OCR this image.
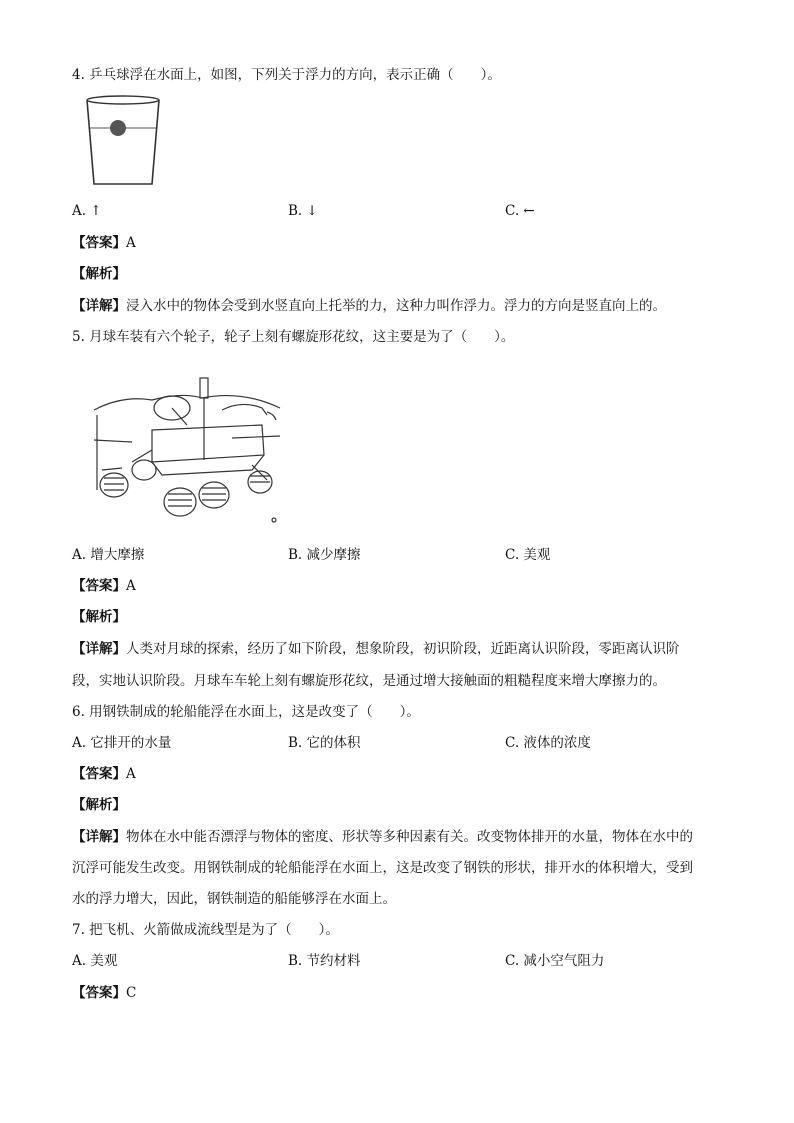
4. 乒乓球浮在水面上，如图，下列关于浮力的方向，表示正确（　　）。
A. ↑	B. ↓	C. ←
【答案】A
【解析】
【详解】浸入水中的物体会受到水竖直向上托举的力，这种力叫作浮力。浮力的方向是竖直向上的。
5. 月球车装有六个轮子，轮子上刻有螺旋形花纹，这主要是为了（　　）。
A. 增大摩擦	B. 减少摩擦	C. 美观
【答案】A
【解析】
【详解】人类对月球的探索，经历了如下阶段，想象阶段，初识阶段，近距离认识阶段，零距离认识阶
段，实地认识阶段。月球车车轮上刻有螺旋形花纹，是通过增大接触面的粗糙程度来增大摩擦力的。
6. 用钢铁制成的轮船能浮在水面上，这是改变了（　　）。
A. 它排开的水量	B. 它的体积	C. 液体的浓度
【答案】A
【解析】
【详解】物体在水中能否漂浮与物体的密度、形状等多种因素有关。改变物体排开的水量，物体在水中的
沉浮可能发生改变。用钢铁制成的轮船能浮在水面上，这是改变了钢铁的形状，排开水的体积增大，受到
水的浮力增大，因此，钢铁制造的船能够浮在水面上。
7. 把飞机、火箭做成流线型是为了（　　）。
A. 美观	B. 节约材料	C. 减小空气阻力
【答案】C
